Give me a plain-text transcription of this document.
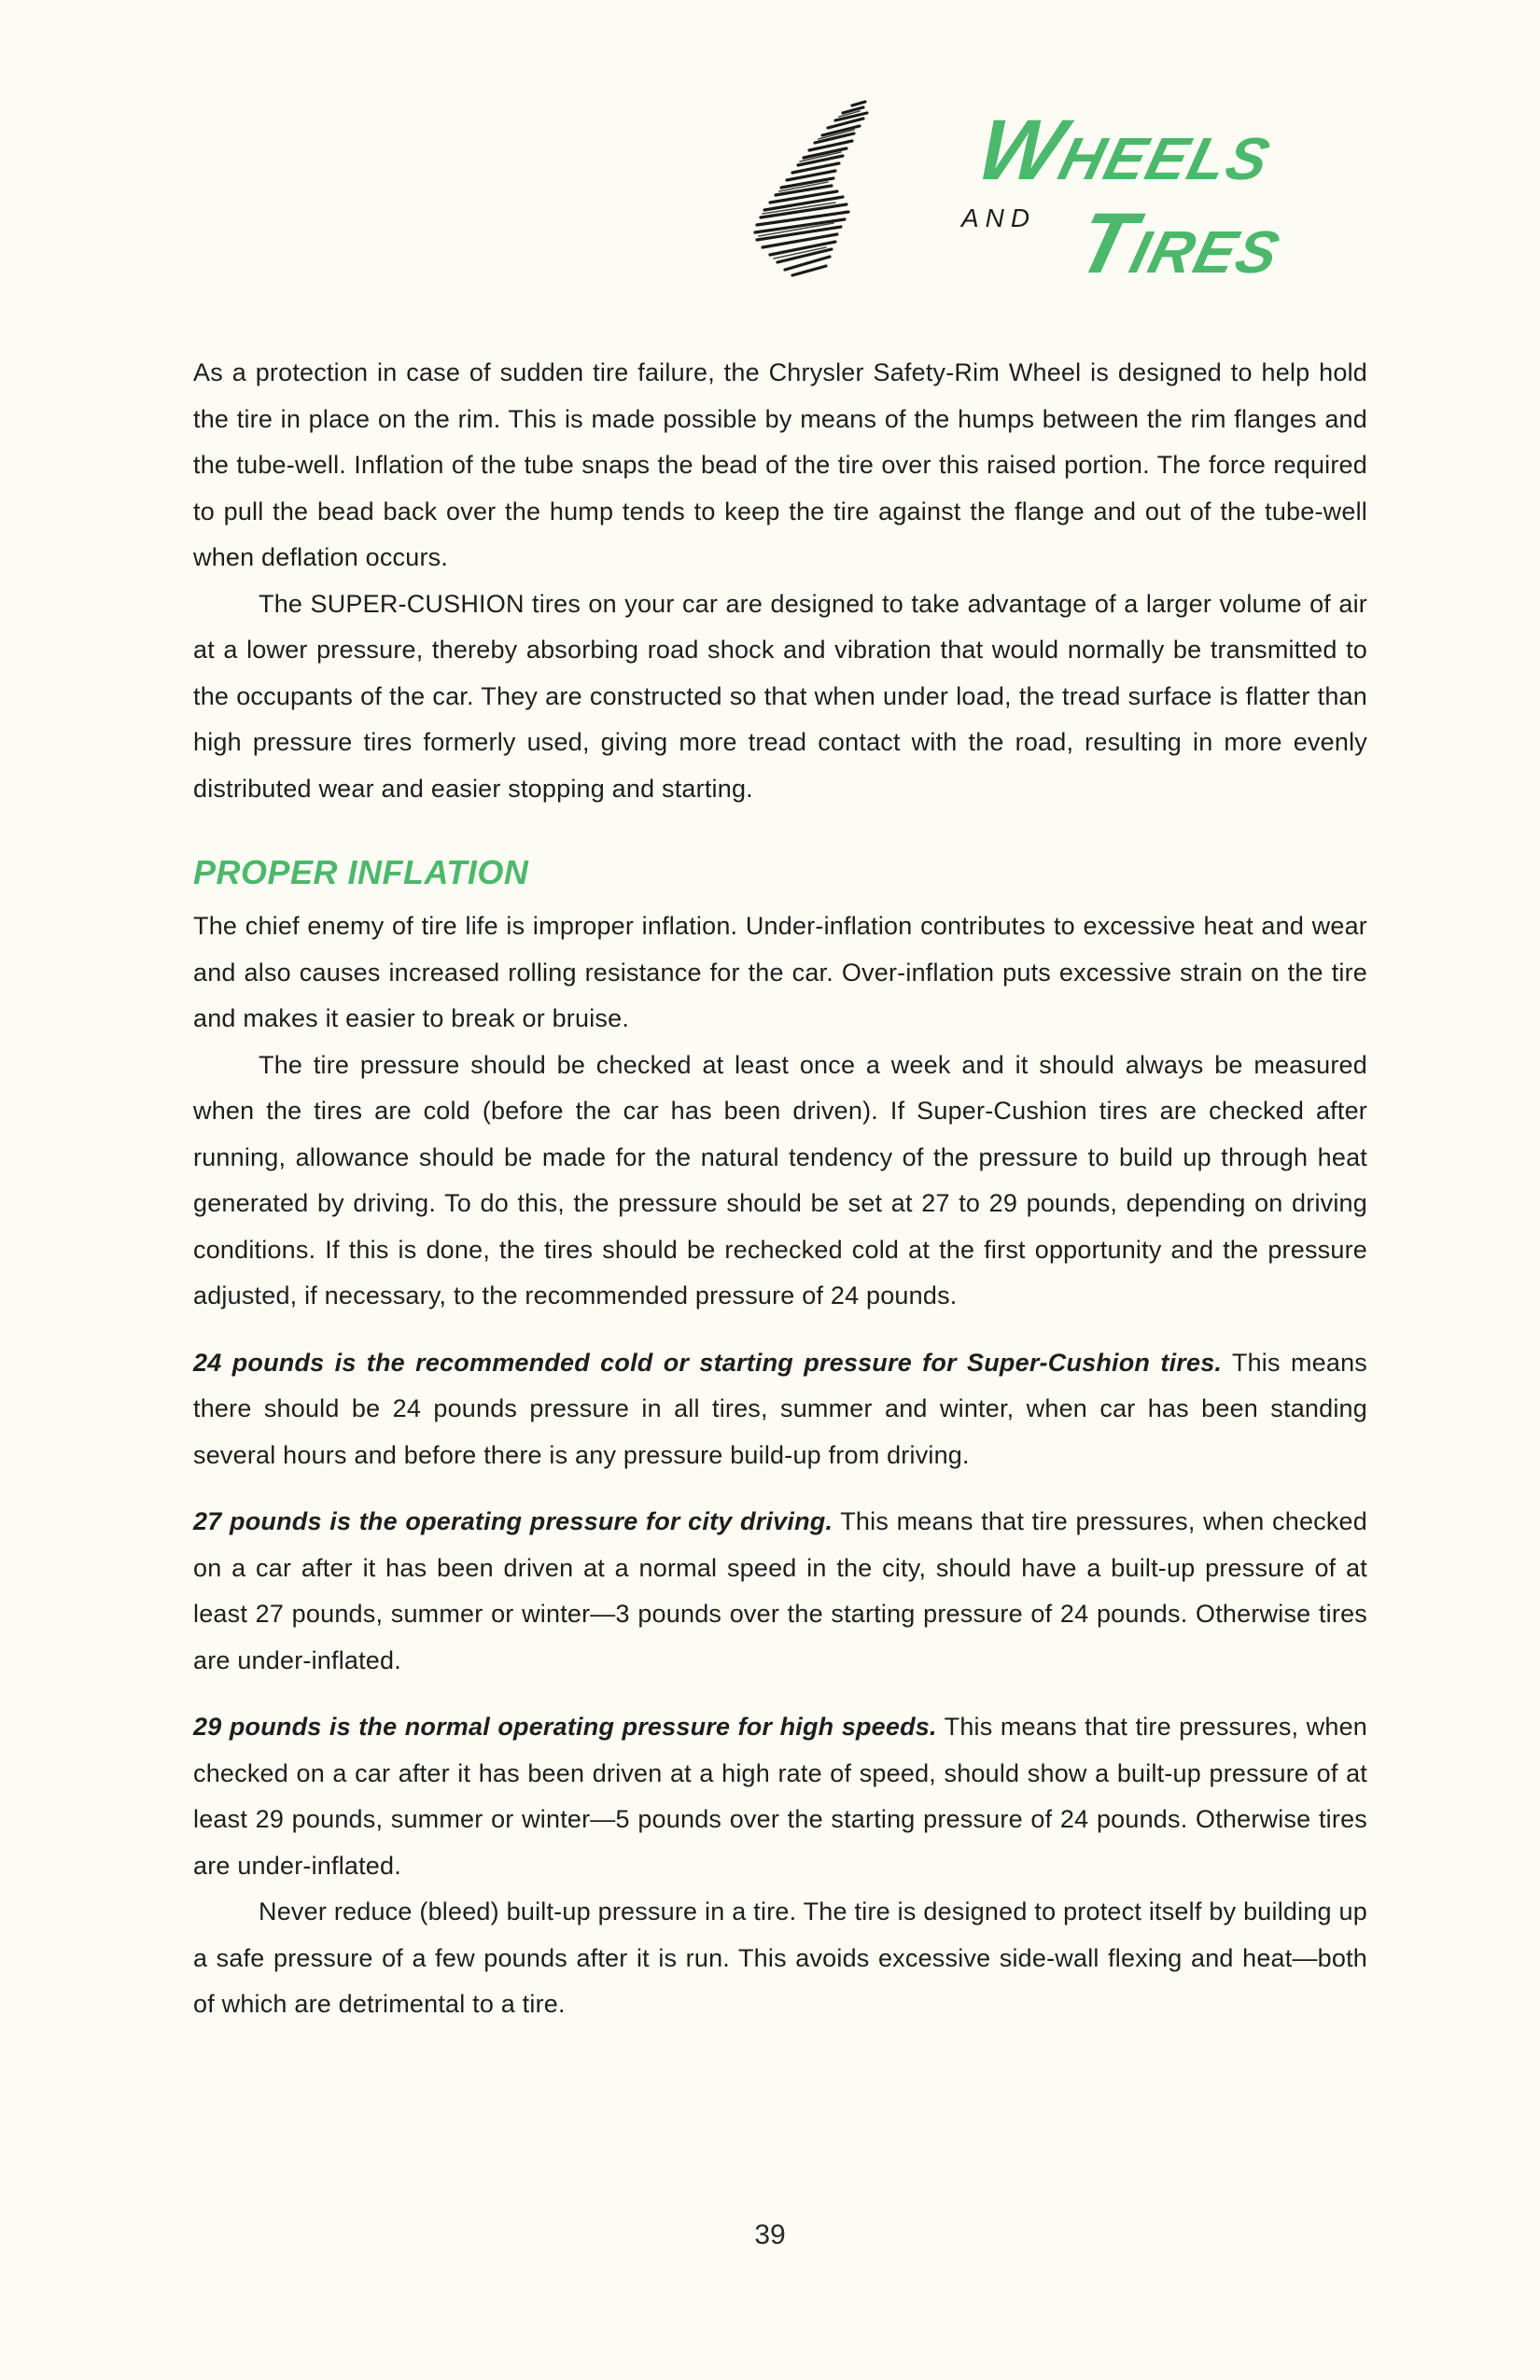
WHEELS
AND TIRES

As a protection in case of sudden tire failure, the Chrysler Safety-Rim Wheel is designed to help hold the tire in place on the rim. This is made possible by means of the humps between the rim flanges and the tube-well. Inflation of the tube snaps the bead of the tire over this raised portion. The force required to pull the bead back over the hump tends to keep the tire against the flange and out of the tube-well when deflation occurs.

The SUPER-CUSHION tires on your car are designed to take advantage of a larger volume of air at a lower pressure, thereby absorbing road shock and vibration that would normally be transmitted to the occupants of the car. They are constructed so that when under load, the tread surface is flatter than high pressure tires formerly used, giving more tread contact with the road, resulting in more evenly distributed wear and easier stopping and starting.

PROPER INFLATION

The chief enemy of tire life is improper inflation. Under-inflation contributes to excessive heat and wear and also causes increased rolling resistance for the car. Over-inflation puts excessive strain on the tire and makes it easier to break or bruise.

The tire pressure should be checked at least once a week and it should always be measured when the tires are cold (before the car has been driven). If Super-Cushion tires are checked after running, allowance should be made for the natural tendency of the pressure to build up through heat generated by driving. To do this, the pressure should be set at 27 to 29 pounds, depending on driving conditions. If this is done, the tires should be rechecked cold at the first opportunity and the pressure adjusted, if necessary, to the recommended pressure of 24 pounds.

24 pounds is the recommended cold or starting pressure for Super-Cushion tires. This means there should be 24 pounds pressure in all tires, summer and winter, when car has been standing several hours and before there is any pressure build-up from driving.

27 pounds is the operating pressure for city driving. This means that tire pressures, when checked on a car after it has been driven at a normal speed in the city, should have a built-up pressure of at least 27 pounds, summer or winter—3 pounds over the starting pressure of 24 pounds. Otherwise tires are under-inflated.

29 pounds is the normal operating pressure for high speeds. This means that tire pressures, when checked on a car after it has been driven at a high rate of speed, should show a built-up pressure of at least 29 pounds, summer or winter—5 pounds over the starting pressure of 24 pounds. Otherwise tires are under-inflated.

Never reduce (bleed) built-up pressure in a tire. The tire is designed to protect itself by building up a safe pressure of a few pounds after it is run. This avoids excessive side-wall flexing and heat—both of which are detrimental to a tire.

39
